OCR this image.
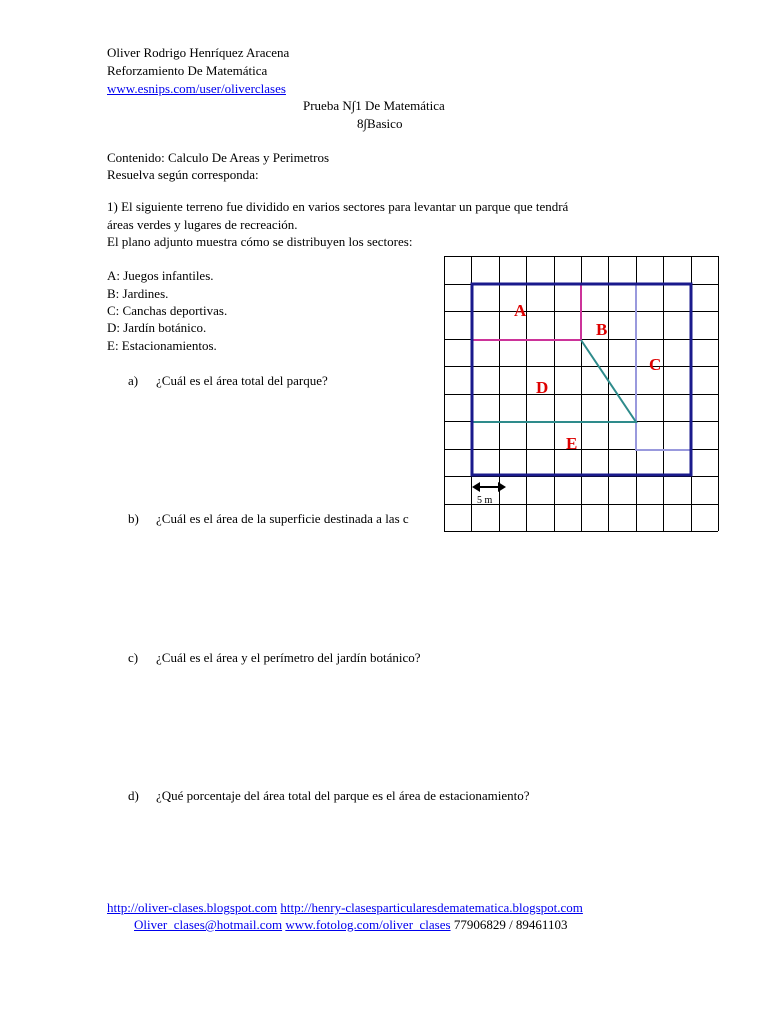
Oliver Rodrigo Henríquez Aracena
Reforzamiento De Matemática
www.esnips.com/user/oliverclases
Prueba N∫1 De Matemática
8∫Basico
Contenido: Calculo De Areas y Perimetros
Resuelva según corresponda:
1) El siguiente terreno fue dividido en varios sectores para levantar un parque que tendrá
áreas verdes y lugares de recreación.
El plano adjunto muestra cómo se distribuyen los sectores:
A: Juegos infantiles.
B: Jardines.
C: Canchas deportivas.
D: Jardín botánico.
E: Estacionamientos.
a) ¿Cuál es el área total del parque?
b) ¿Cuál es el área de la superficie destinada a las c
c) ¿Cuál es el área y el perímetro del jardín botánico?
d) ¿Qué porcentaje del área total del parque es el área de estacionamiento?
A
B
C
D
E
5 m
http://oliver-clases.blogspot.com http://henry-clasesparticularesdematematica.blogspot.com
Oliver_clases@hotmail.com www.fotolog.com/oliver_clases 77906829 / 89461103
